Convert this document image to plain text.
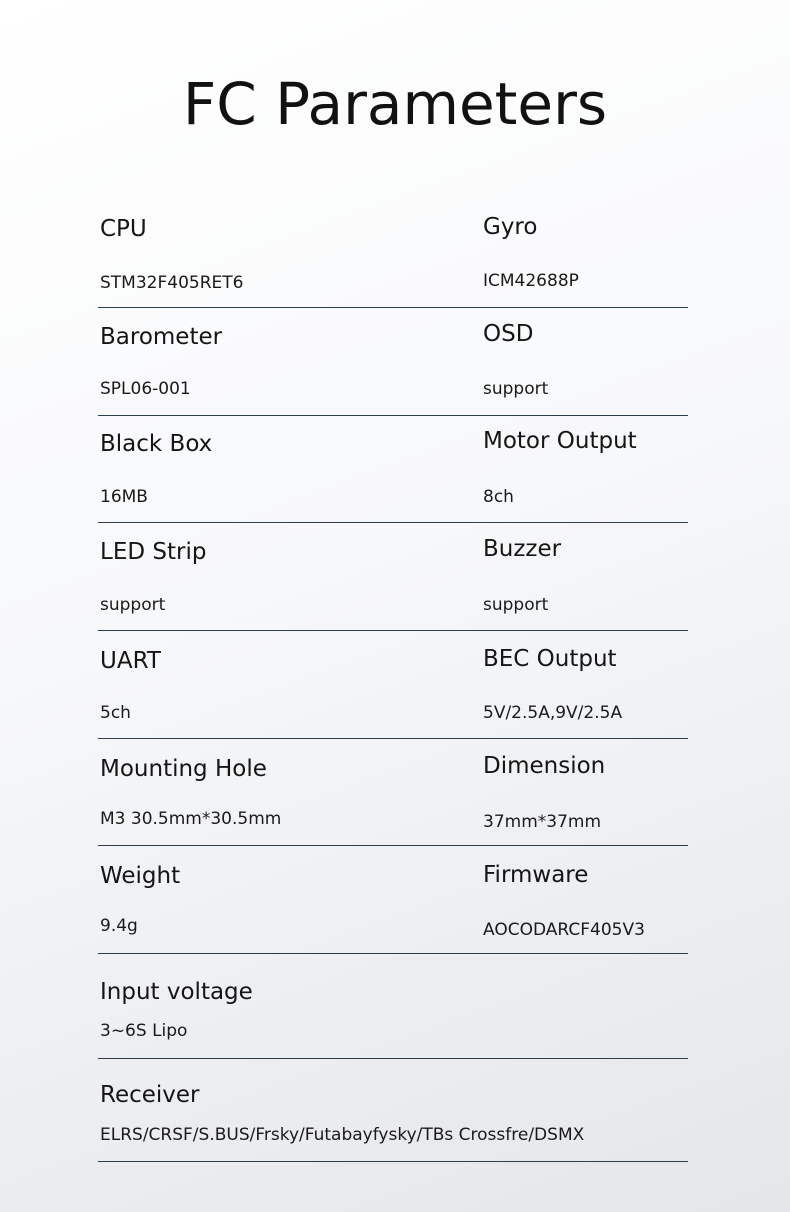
FC Parameters
CPU
STM32F405RET6
Gyro
ICM42688P
Barometer
SPL06-001
OSD
support
Black Box
16MB
Motor Output
8ch
LED Strip
support
Buzzer
support
UART
5ch
BEC Output
5V/2.5A,9V/2.5A
Mounting Hole
M3 30.5mm*30.5mm
Dimension
37mm*37mm
Weight
9.4g
Firmware
AOCODARCF405V3
Input voltage
3~6S Lipo
Receiver
ELRS/CRSF/S.BUS/Frsky/Futabayfysky/TBs Crossfre/DSMX
